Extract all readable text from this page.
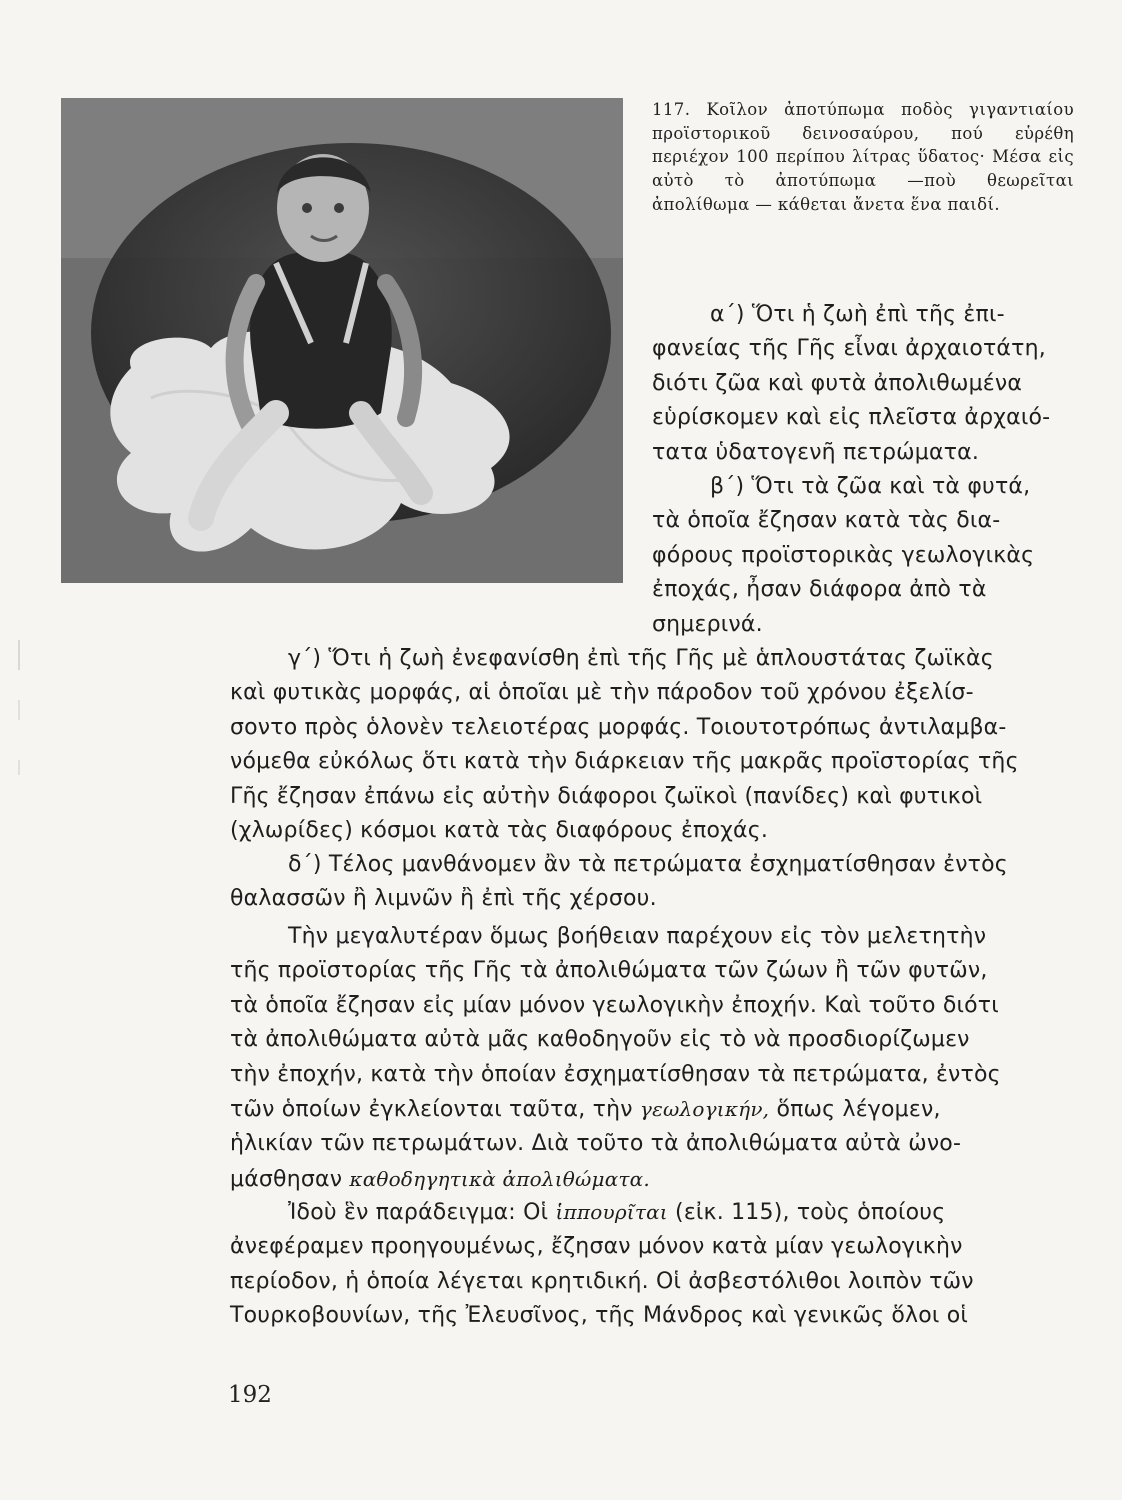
117. Κοῖλον ἀποτύπωμα ποδὸς γιγαντιαίου προϊστορικοῦ δεινοσαύρου, πού εὑρέθη περιέχον 100 περίπου λίτρας ὕδατος· Μέσα εἰς αὐτὸ τὸ ἀποτύπωμα —ποὺ θεωρεῖται ἀπολίθωμα — κάθεται ἄνετα ἕνα παιδί.
α΄) Ὅτι ἡ ζωὴ ἐπὶ τῆς ἐπι-
φανείας τῆς Γῆς εἶναι ἀρχαιοτάτη,
διότι ζῶα καὶ φυτὰ ἀπολιθωμένα
εὑρίσκομεν καὶ εἰς πλεῖστα ἀρχαιό-
τατα ὑδατογενῆ πετρώματα.
β΄) Ὅτι τὰ ζῶα καὶ τὰ φυτά,
τὰ ὁποῖα ἔζησαν κατὰ τὰς δια-
φόρους προϊστορικὰς γεωλογικὰς
ἐποχάς, ἦσαν διάφορα ἀπὸ τὰ
σημερινά.
γ΄) Ὅτι ἡ ζωὴ ἐνεφανίσθη ἐπὶ τῆς Γῆς μὲ ἁπλουστάτας ζωϊκὰς
καὶ φυτικὰς μορφάς, αἱ ὁποῖαι μὲ τὴν πάροδον τοῦ χρόνου ἐξελίσ-
σοντο πρὸς ὁλονὲν τελειοτέρας μορφάς. Τοιουτοτρόπως ἀντιλαμβα-
νόμεθα εὐκόλως ὅτι κατὰ τὴν διάρκειαν τῆς μακρᾶς προϊστορίας τῆς
Γῆς ἔζησαν ἐπάνω εἰς αὐτὴν διάφοροι ζωϊκοὶ (πανίδες) καὶ φυτικοὶ
(χλωρίδες) κόσμοι κατὰ τὰς διαφόρους ἐποχάς.
δ΄) Τέλος μανθάνομεν ἂν τὰ πετρώματα ἐσχηματίσθησαν ἐντὸς
θαλασσῶν ἢ λιμνῶν ἢ ἐπὶ τῆς χέρσου.
Τὴν μεγαλυτέραν ὅμως βοήθειαν παρέχουν εἰς τὸν μελετητὴν
τῆς προϊστορίας τῆς Γῆς τὰ ἀπολιθώματα τῶν ζώων ἢ τῶν φυτῶν,
τὰ ὁποῖα ἔζησαν εἰς μίαν μόνον γεωλογικὴν ἐποχήν. Καὶ τοῦτο διότι
τὰ ἀπολιθώματα αὐτὰ μᾶς καθοδηγοῦν εἰς τὸ νὰ προσδιορίζωμεν
τὴν ἐποχήν, κατὰ τὴν ὁποίαν ἐσχηματίσθησαν τὰ πετρώματα, ἐντὸς
τῶν ὁποίων ἐγκλείονται ταῦτα, τὴν γεωλογικήν, ὅπως λέγομεν,
ἡλικίαν τῶν πετρωμάτων. Διὰ τοῦτο τὰ ἀπολιθώματα αὐτὰ ὠνο-
μάσθησαν καθοδηγητικὰ ἀπολιθώματα.
Ἰδοὺ ἓν παράδειγμα: Οἱ ἱππουρῖται (εἰκ. 115), τοὺς ὁποίους
ἀνεφέραμεν προηγουμένως, ἔζησαν μόνον κατὰ μίαν γεωλογικὴν
περίοδον, ἡ ὁποία λέγεται κρητιδική. Οἱ ἀσβεστόλιθοι λοιπὸν τῶν
Τουρκοβουνίων, τῆς Ἐλευσῖνος, τῆς Μάνδρος καὶ γενικῶς ὅλοι οἱ
192
